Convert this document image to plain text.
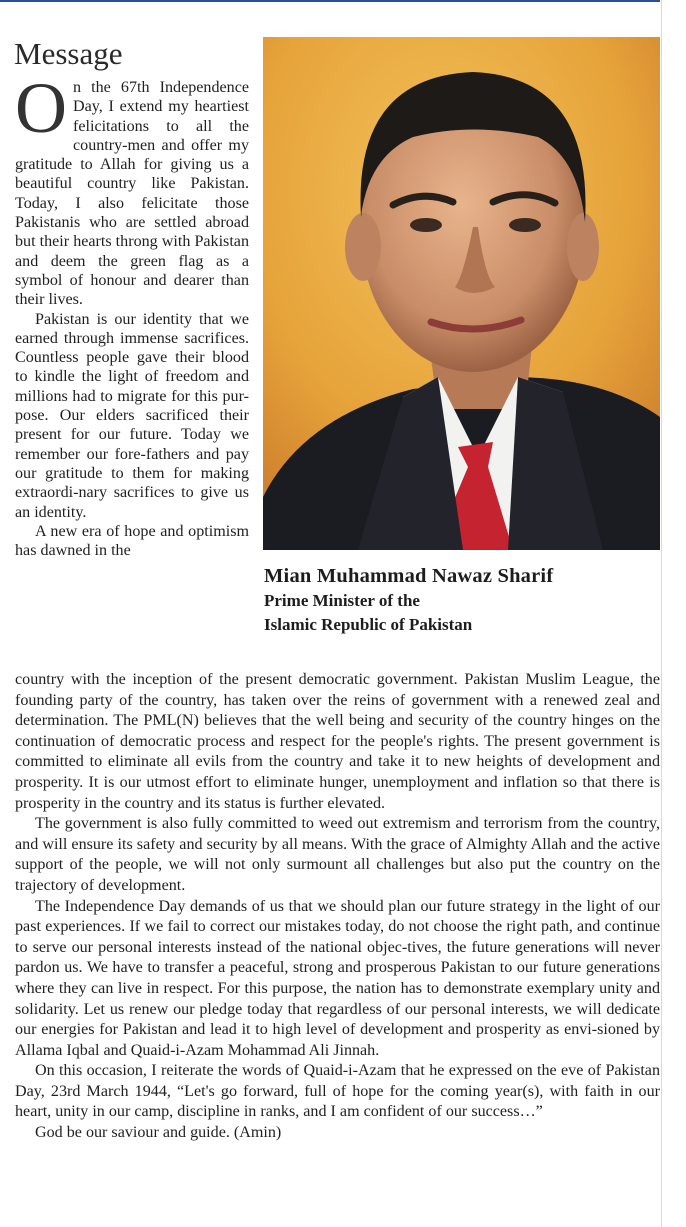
Message

On the 67th Independence Day, I extend my heartiest felicitations to all the country-men and offer my gratitude to Allah for giving us a beautiful country like Pakistan. Today, I also felicitate those Pakistanis who are settled abroad but their hearts throng with Pakistan and deem the green flag as a symbol of honour and dearer than their lives.

Pakistan is our identity that we earned through immense sacrifices. Countless people gave their blood to kindle the light of freedom and millions had to migrate for this pur-pose. Our elders sacrificed their present for our future. Today we remember our fore-fathers and pay our gratitude to them for making extraordi-nary sacrifices to give us an identity.

A new era of hope and optimism has dawned in the

Mian Muhammad Nawaz Sharif
Prime Minister of the
Islamic Republic of Pakistan

country with the inception of the present democratic government. Pakistan Muslim League, the founding party of the country, has taken over the reins of government with a renewed zeal and determination. The PML(N) believes that the well being and security of the country hinges on the continuation of democratic process and respect for the people's rights. The present government is committed to eliminate all evils from the country and take it to new heights of development and prosperity. It is our utmost effort to eliminate hunger, unemployment and inflation so that there is prosperity in the country and its status is further elevated.

The government is also fully committed to weed out extremism and terrorism from the country, and will ensure its safety and security by all means. With the grace of Almighty Allah and the active support of the people, we will not only surmount all challenges but also put the country on the trajectory of development.

The Independence Day demands of us that we should plan our future strategy in the light of our past experiences. If we fail to correct our mistakes today, do not choose the right path, and continue to serve our personal interests instead of the national objec-tives, the future generations will never pardon us. We have to transfer a peaceful, strong and prosperous Pakistan to our future generations where they can live in respect. For this purpose, the nation has to demonstrate exemplary unity and solidarity. Let us renew our pledge today that regardless of our personal interests, we will dedicate our energies for Pakistan and lead it to high level of development and prosperity as envi-sioned by Allama Iqbal and Quaid-i-Azam Mohammad Ali Jinnah.

On this occasion, I reiterate the words of Quaid-i-Azam that he expressed on the eve of Pakistan Day, 23rd March 1944, “Let's go forward, full of hope for the coming year(s), with faith in our heart, unity in our camp, discipline in ranks, and I am confident of our success…”

God be our saviour and guide. (Amin)
